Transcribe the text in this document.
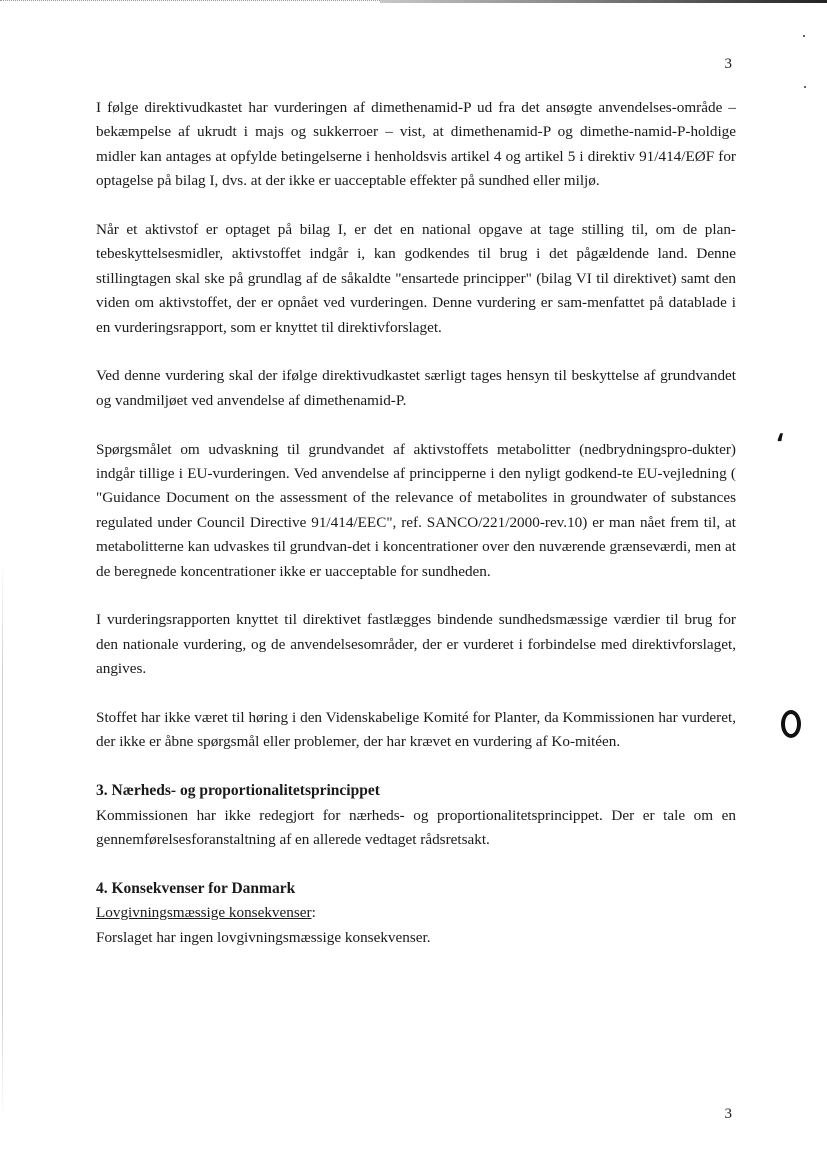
3

I følge direktivudkastet har vurderingen af dimethenamid-P ud fra det ansøgte anvendelses-område – bekæmpelse af ukrudt i majs og sukkerroer – vist, at dimethenamid-P og dimethe-namid-P-holdige midler kan antages at opfylde betingelserne i henholdsvis artikel 4 og artikel 5 i direktiv 91/414/EØF for optagelse på bilag I, dvs. at der ikke er uacceptable effekter på sundhed eller miljø.

Når et aktivstof er optaget på bilag I, er det en national opgave at tage stilling til, om de plan-tebeskyttelsesmidler, aktivstoffet indgår i, kan godkendes til brug i det pågældende land. Denne stillingtagen skal ske på grundlag af de såkaldte "ensartede principper" (bilag VI til direktivet) samt den viden om aktivstoffet, der er opnået ved vurderingen. Denne vurdering er sam-menfattet på datablade i en vurderingsrapport, som er knyttet til direktivforslaget.

Ved denne vurdering skal der ifølge direktivudkastet særligt tages hensyn til beskyttelse af grundvandet og vandmiljøet ved anvendelse af dimethenamid-P.

Spørgsmålet om udvaskning til grundvandet af aktivstoffets metabolitter (nedbrydningspro-dukter) indgår tillige i EU-vurderingen. Ved anvendelse af principperne i den nyligt godkend-te EU-vejledning ( "Guidance Document on the assessment of the relevance of metabolites in groundwater of substances regulated under Council Directive 91/414/EEC", ref. SANCO/221/2000-rev.10) er man nået frem til, at metabolitterne kan udvaskes til grundvan-det i koncentrationer over den nuværende grænseværdi, men at de beregnede koncentrationer ikke er uacceptable for sundheden.

I vurderingsrapporten knyttet til direktivet fastlægges bindende sundhedsmæssige værdier til brug for den nationale vurdering, og de anvendelsesområder, der er vurderet i forbindelse med direktivforslaget, angives.

Stoffet har ikke været til høring i den Videnskabelige Komité for Planter, da Kommissionen har vurderet, der ikke er åbne spørgsmål eller problemer, der har krævet en vurdering af Ko-mitéen.

3. Nærheds- og proportionalitetsprincippet

Kommissionen har ikke redegjort for nærheds- og proportionalitetsprincippet. Der er tale om en gennemførelsesforanstaltning af en allerede vedtaget rådsretsakt.

4. Konsekvenser for Danmark
Lovgivningsmæssige konsekvenser:

Forslaget har ingen lovgivningsmæssige konsekvenser.

⸲
3
